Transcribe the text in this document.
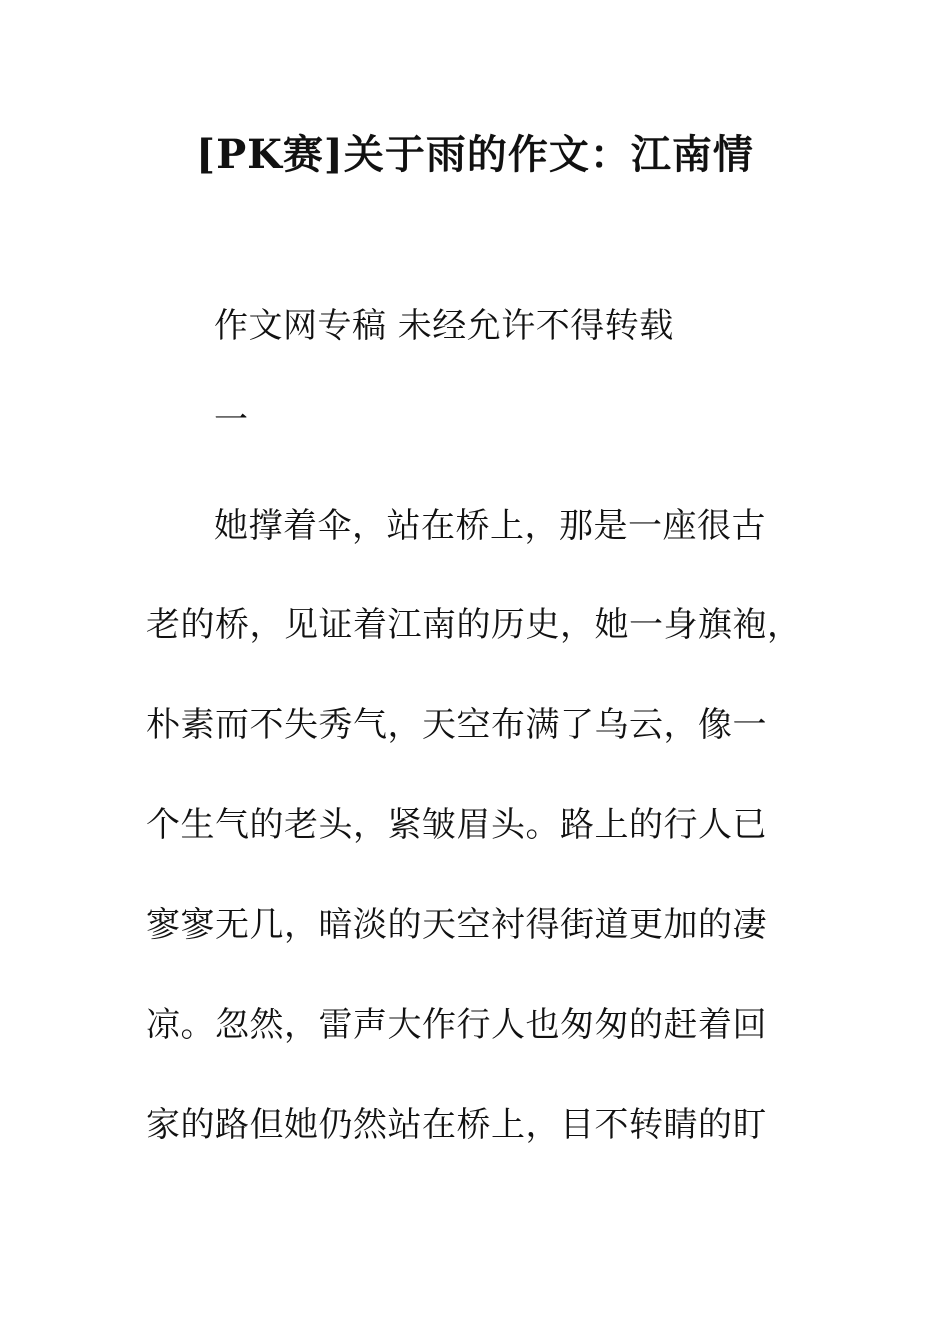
[PK赛]关于雨的作文：江南情
作文网专稿 未经允许不得转载
一
她撑着伞，站在桥上，那是一座很古
老的桥，见证着江南的历史，她一身旗袍，
朴素而不失秀气，天空布满了乌云，像一
个生气的老头，紧皱眉头。路上的行人已
寥寥无几，暗淡的天空衬得街道更加的凄
凉。忽然，雷声大作行人也匆匆的赶着回
家的路但她仍然站在桥上，目不转睛的盯
